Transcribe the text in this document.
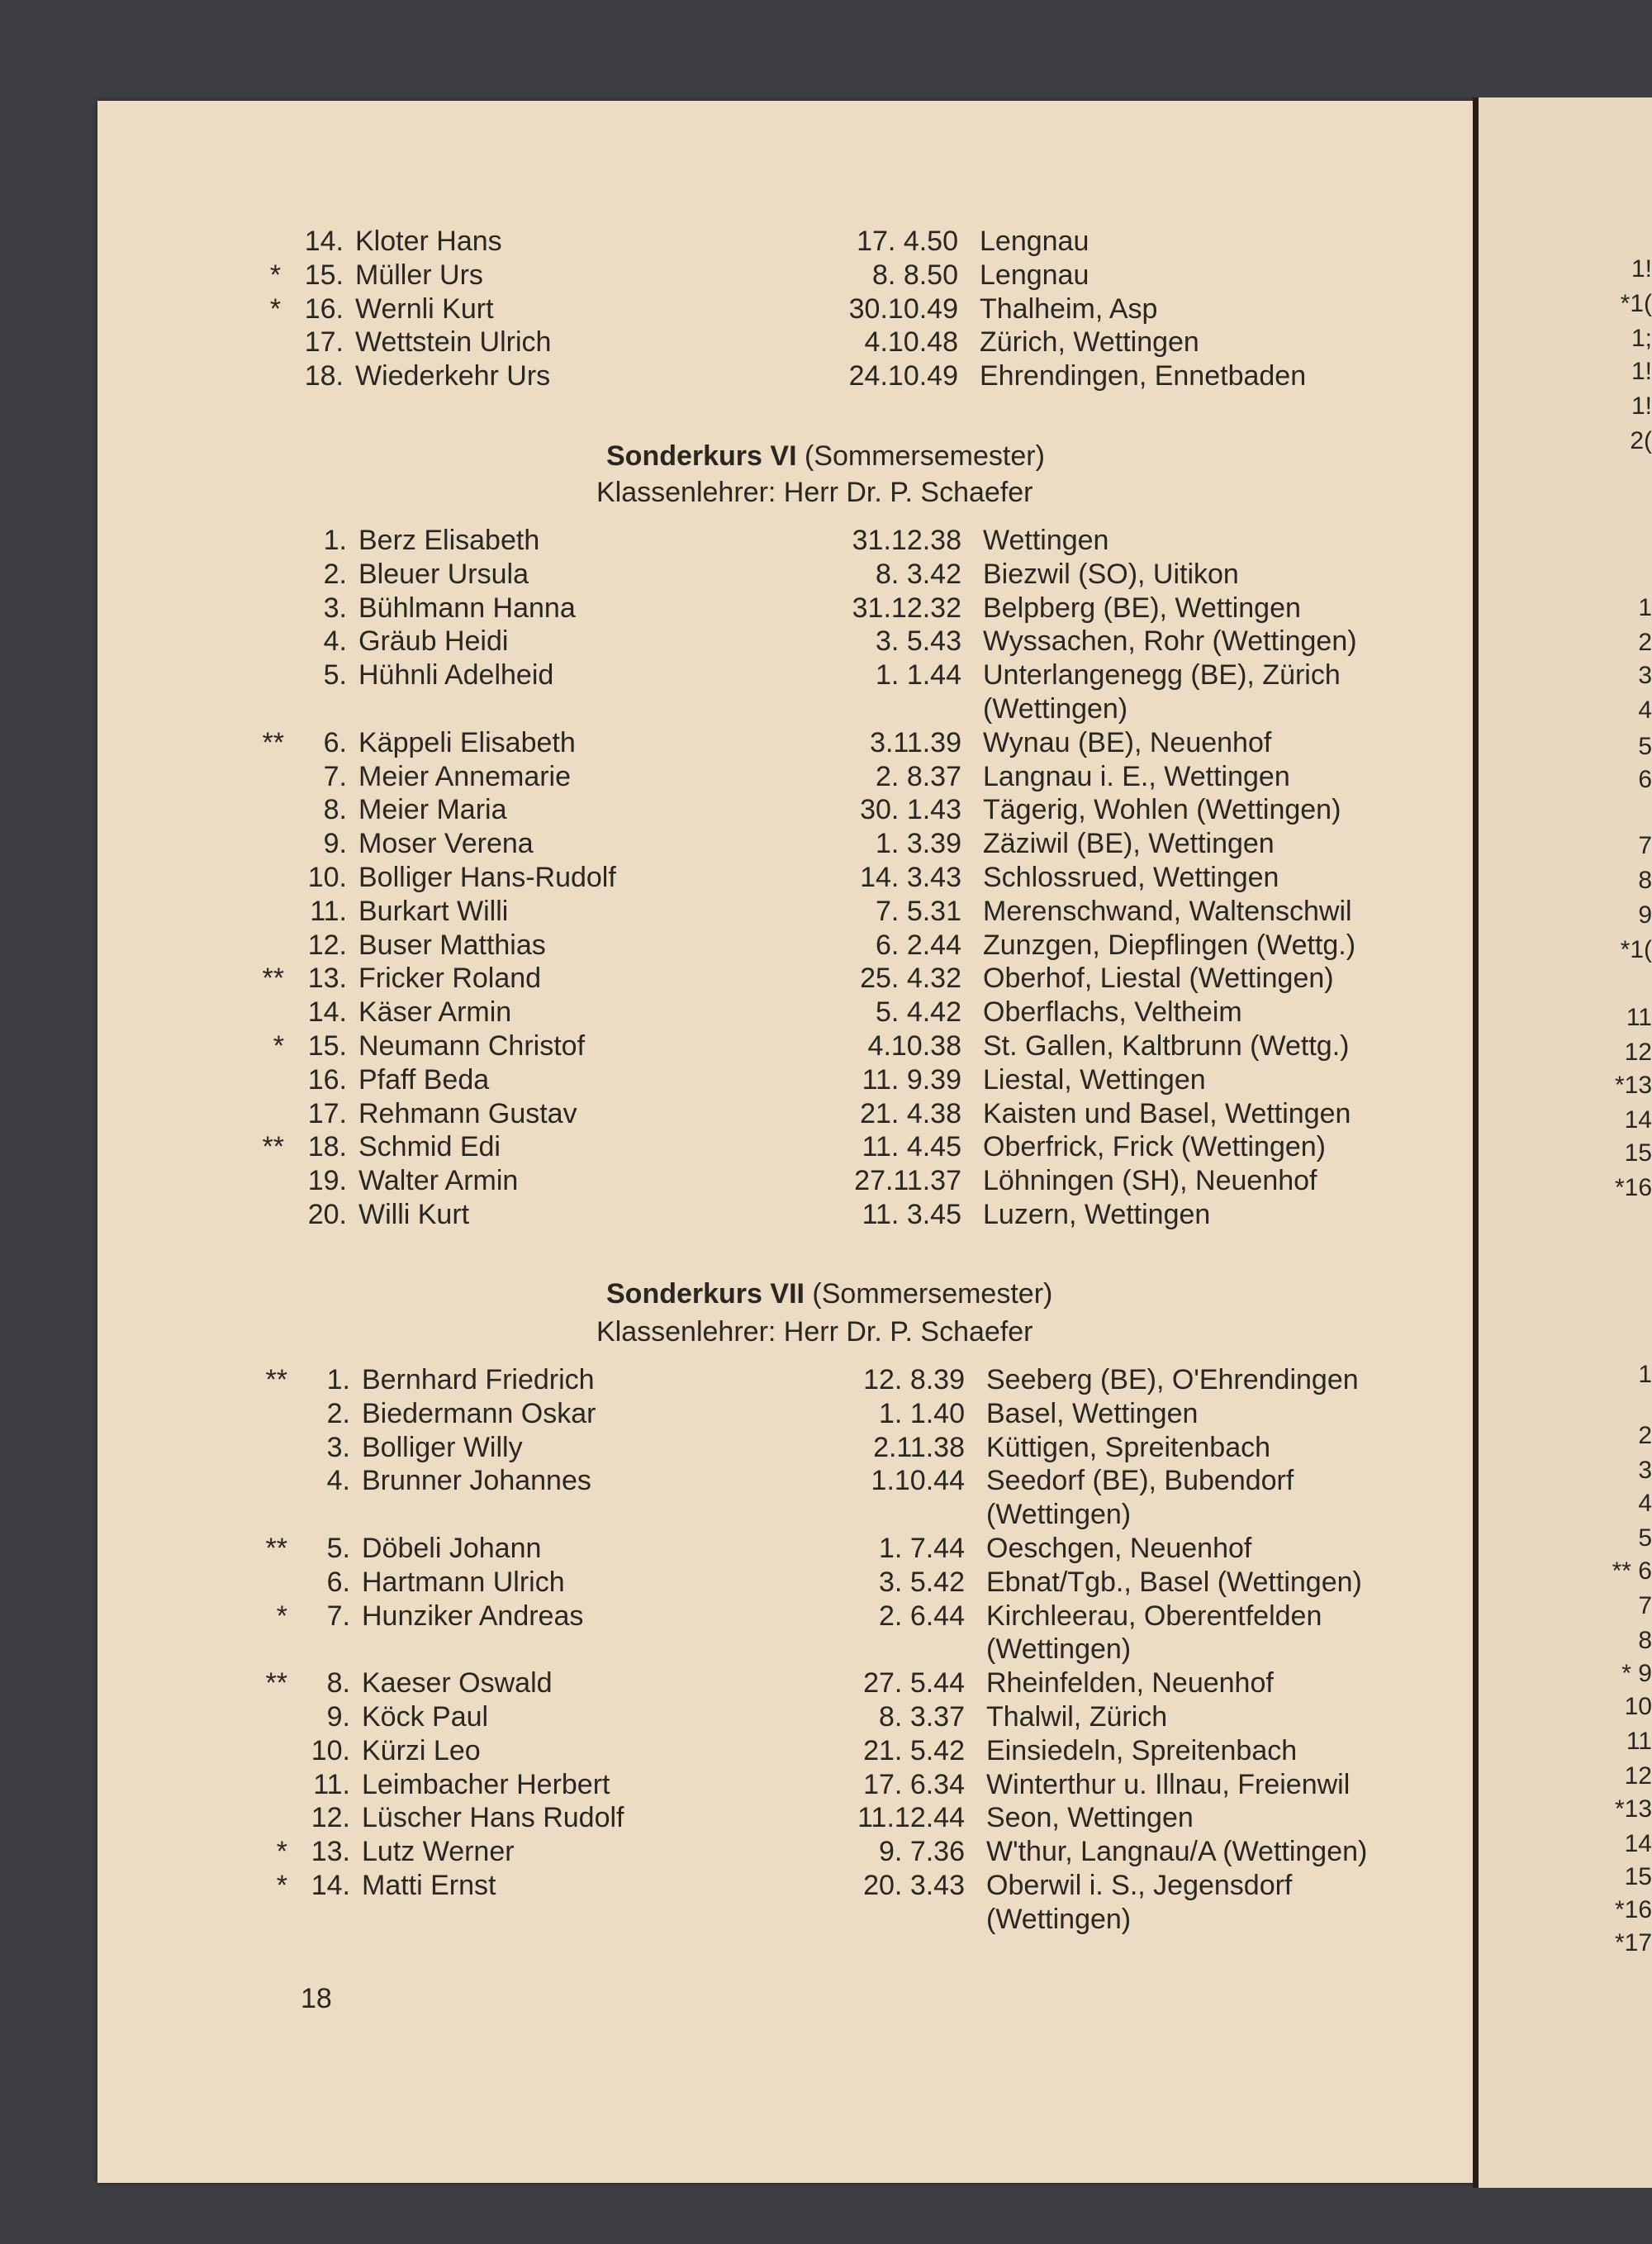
1!
*1(
1;
1!
1!
2(
1
2
3
4
5
6
7
8
9
*1(
11
12
*13
14
15
*16
1
2
3
4
5
** 6
7
8
* 9
10
11
12
*13
14
15
*16
*17
14. Kloter Hans	17. 4.50 Lengnau
* 15. Müller Urs	8. 8.50 Lengnau
* 16. Wernli Kurt	30.10.49 Thalheim, Asp
17. Wettstein Ulrich	4.10.48 Zürich, Wettingen
18. Wiederkehr Urs	24.10.49 Ehrendingen, Ennetbaden
Sonderkurs VI (Sommersemester)
Klassenlehrer: Herr Dr. P. Schaefer
1. Berz Elisabeth	31.12.38 Wettingen
2. Bleuer Ursula	8. 3.42 Biezwil (SO), Uitikon
3. Bühlmann Hanna	31.12.32 Belpberg (BE), Wettingen
4. Gräub Heidi	3. 5.43 Wyssachen, Rohr (Wettingen)
5. Hühnli Adelheid	1. 1.44 Unterlangenegg (BE), Zürich
(Wettingen)
**	6. Käppeli Elisabeth	3.11.39 Wynau (BE), Neuenhof
7. Meier Annemarie	2. 8.37 Langnau i. E., Wettingen
8. Meier Maria	30. 1.43 Tägerig, Wohlen (Wettingen)
9. Moser Verena	1. 3.39 Zäziwil (BE), Wettingen
10. Bolliger Hans-Rudolf	14. 3.43 Schlossrued, Wettingen
11. Burkart Willi	7. 5.31 Merenschwand, Waltenschwil
12. Buser Matthias	6. 2.44 Zunzgen, Diepflingen (Wettg.)
** 13. Fricker Roland	25. 4.32 Oberhof, Liestal (Wettingen)
14. Käser Armin	5. 4.42 Oberflachs, Veltheim
* 15. Neumann Christof	4.10.38 St. Gallen, Kaltbrunn (Wettg.)
16. Pfaff Beda	11. 9.39 Liestal, Wettingen
17. Rehmann Gustav	21. 4.38 Kaisten und Basel, Wettingen
** 18. Schmid Edi	11. 4.45 Oberfrick, Frick (Wettingen)
19. Walter Armin	27.11.37 Löhningen (SH), Neuenhof
20. Willi Kurt	11. 3.45 Luzern, Wettingen
Sonderkurs VII (Sommersemester)
Klassenlehrer: Herr Dr. P. Schaefer
**	1. Bernhard Friedrich	12. 8.39 Seeberg (BE), O'Ehrendingen
2. Biedermann Oskar	1. 1.40 Basel, Wettingen
3. Bolliger Willy	2.11.38 Küttigen, Spreitenbach
4. Brunner Johannes	1.10.44 Seedorf (BE), Bubendorf
(Wettingen)
**	5. Döbeli Johann	1. 7.44 Oeschgen, Neuenhof
6. Hartmann Ulrich	3. 5.42 Ebnat/Tgb., Basel (Wettingen)
*	7. Hunziker Andreas	2. 6.44 Kirchleerau, Oberentfelden
(Wettingen)
**	8. Kaeser Oswald	27. 5.44 Rheinfelden, Neuenhof
9. Köck Paul	8. 3.37 Thalwil, Zürich
10. Kürzi Leo	21. 5.42 Einsiedeln, Spreitenbach
11. Leimbacher Herbert	17. 6.34 Winterthur u. Illnau, Freienwil
12. Lüscher Hans Rudolf	11.12.44 Seon, Wettingen
* 13. Lutz Werner	9. 7.36 W'thur, Langnau/A (Wettingen)
* 14. Matti Ernst	20. 3.43 Oberwil i. S., Jegensdorf
(Wettingen)
18
